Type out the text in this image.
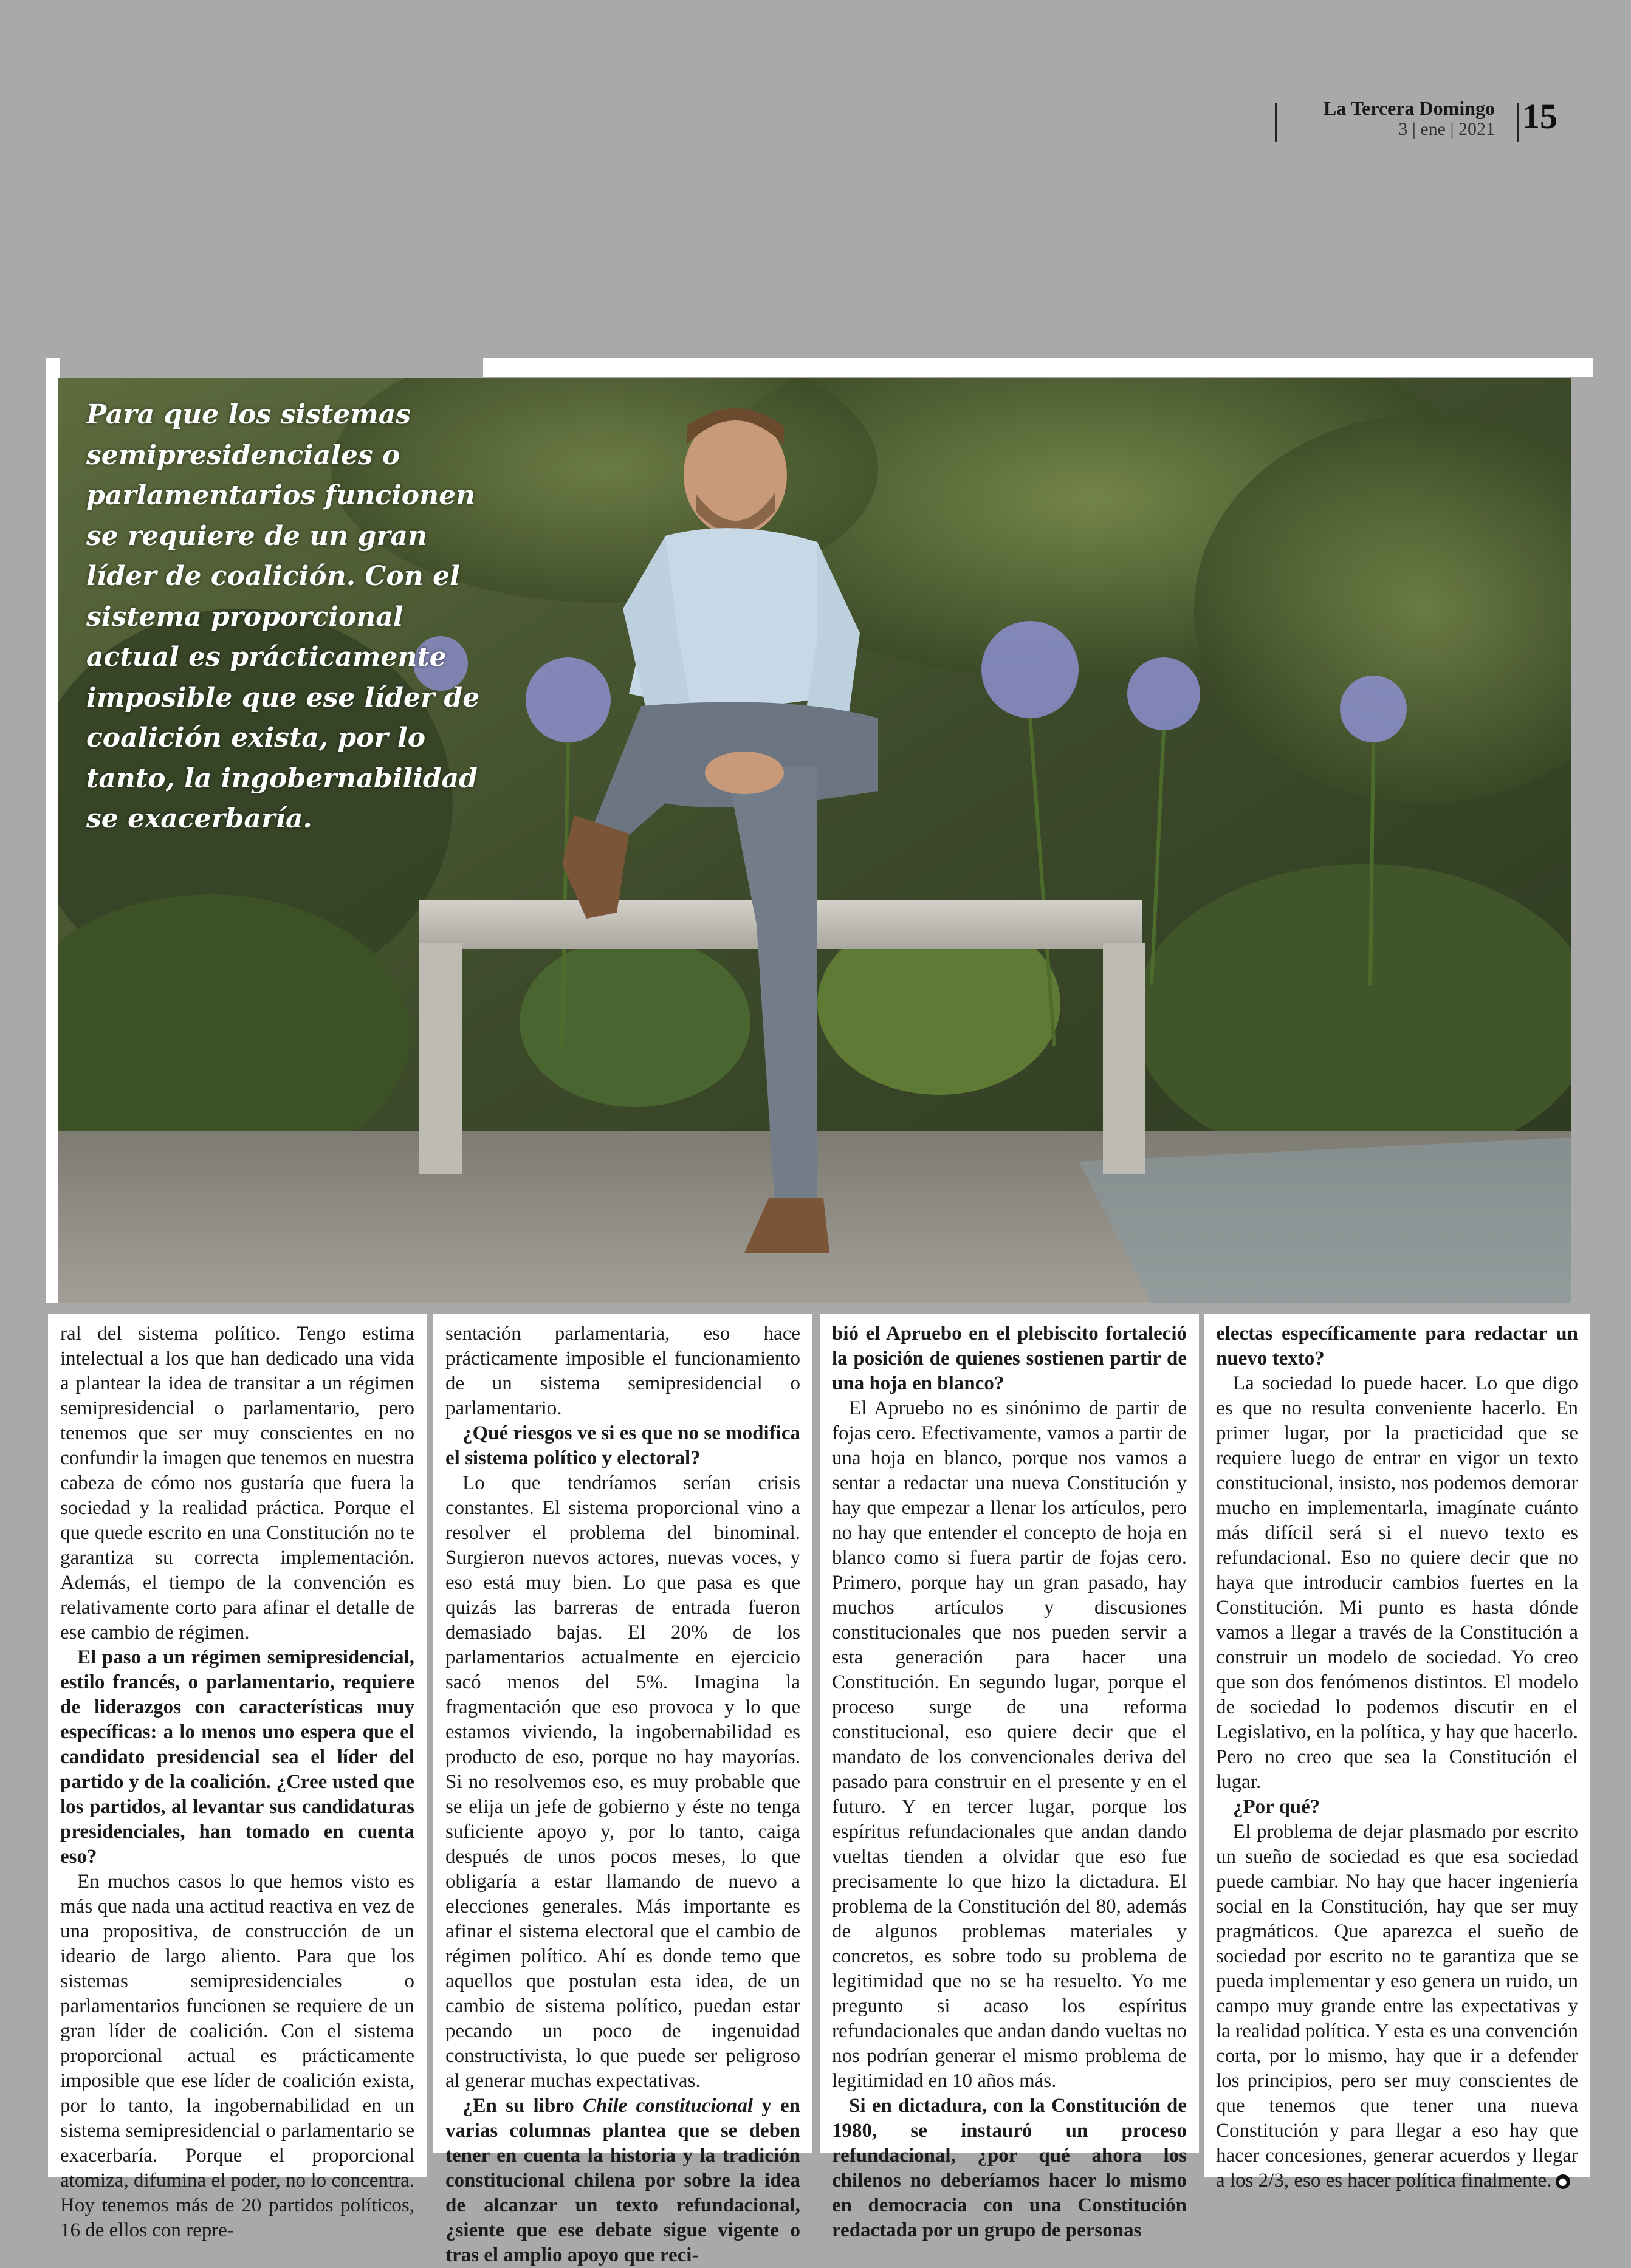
La Tercera Domingo
3 | ene | 2021 15
Para que los sistemas semipresidenciales o parlamentarios funcionen se requiere de un gran líder de coalición. Con el sistema proporcional actual es prácticamente imposible que ese líder de coalición exista, por lo tanto, la ingobernabilidad se exacerbaría.

ral del sistema político. Tengo estima intelectual a los que han dedicado una vida a plantear la idea de transitar a un régimen semipresidencial o parlamentario, pero tenemos que ser muy conscientes en no confundir la imagen que tenemos en nuestra cabeza de cómo nos gustaría que fuera la sociedad y la realidad práctica. Porque el que quede escrito en una Constitución no te garantiza su correcta implementación. Además, el tiempo de la convención es relativamente corto para afinar el detalle de ese cambio de régimen.

El paso a un régimen semipresidencial, estilo francés, o parlamentario, requiere de liderazgos con características muy específicas: a lo menos uno espera que el candidato presidencial sea el líder del partido y de la coalición. ¿Cree usted que los partidos, al levantar sus candidaturas presidenciales, han tomado en cuenta eso?

En muchos casos lo que hemos visto es más que nada una actitud reactiva en vez de una propositiva, de construcción de un ideario de largo aliento. Para que los sistemas semipresidenciales o parlamentarios funcionen se requiere de un gran líder de coalición. Con el sistema proporcional actual es prácticamente imposible que ese líder de coalición exista, por lo tanto, la ingobernabilidad en un sistema semipresidencial o parlamentario se exacerbaría. Porque el proporcional atomiza, difumina el poder, no lo concentra. Hoy tenemos más de 20 partidos políticos, 16 de ellos con repre-

sentación parlamentaria, eso hace prácticamente imposible el funcionamiento de un sistema semipresidencial o parlamentario.

¿Qué riesgos ve si es que no se modifica el sistema político y electoral?

Lo que tendríamos serían crisis constantes. El sistema proporcional vino a resolver el problema del binominal. Surgieron nuevos actores, nuevas voces, y eso está muy bien. Lo que pasa es que quizás las barreras de entrada fueron demasiado bajas. El 20% de los parlamentarios actualmente en ejercicio sacó menos del 5%. Imagina la fragmentación que eso provoca y lo que estamos viviendo, la ingobernabilidad es producto de eso, porque no hay mayorías. Si no resolvemos eso, es muy probable que se elija un jefe de gobierno y éste no tenga suficiente apoyo y, por lo tanto, caiga después de unos pocos meses, lo que obligaría a estar llamando de nuevo a elecciones generales. Más importante es afinar el sistema electoral que el cambio de régimen político. Ahí es donde temo que aquellos que postulan esta idea, de un cambio de sistema político, puedan estar pecando un poco de ingenuidad constructivista, lo que puede ser peligroso al generar muchas expectativas.

¿En su libro Chile constitucional y en varias columnas plantea que se deben tener en cuenta la historia y la tradición constitucional chilena por sobre la idea de alcanzar un texto refundacional, ¿siente que ese debate sigue vigente o tras el amplio apoyo que reci-

bió el Apruebo en el plebiscito fortaleció la posición de quienes sostienen partir de una hoja en blanco?

El Apruebo no es sinónimo de partir de fojas cero. Efectivamente, vamos a partir de una hoja en blanco, porque nos vamos a sentar a redactar una nueva Constitución y hay que empezar a llenar los artículos, pero no hay que entender el concepto de hoja en blanco como si fuera partir de fojas cero. Primero, porque hay un gran pasado, hay muchos artículos y discusiones constitucionales que nos pueden servir a esta generación para hacer una Constitución. En segundo lugar, porque el proceso surge de una reforma constitucional, eso quiere decir que el mandato de los convencionales deriva del pasado para construir en el presente y en el futuro. Y en tercer lugar, porque los espíritus refundacionales que andan dando vueltas tienden a olvidar que eso fue precisamente lo que hizo la dictadura. El problema de la Constitución del 80, además de algunos problemas materiales y concretos, es sobre todo su problema de legitimidad que no se ha resuelto. Yo me pregunto si acaso los espíritus refundacionales que andan dando vueltas no nos podrían generar el mismo problema de legitimidad en 10 años más.

Si en dictadura, con la Constitución de 1980, se instauró un proceso refundacional, ¿por qué ahora los chilenos no deberíamos hacer lo mismo en democracia con una Constitución redactada por un grupo de personas

electas específicamente para redactar un nuevo texto?

La sociedad lo puede hacer. Lo que digo es que no resulta conveniente hacerlo. En primer lugar, por la practicidad que se requiere luego de entrar en vigor un texto constitucional, insisto, nos podemos demorar mucho en implementarla, imagínate cuánto más difícil será si el nuevo texto es refundacional. Eso no quiere decir que no haya que introducir cambios fuertes en la Constitución. Mi punto es hasta dónde vamos a llegar a través de la Constitución a construir un modelo de sociedad. Yo creo que son dos fenómenos distintos. El modelo de sociedad lo podemos discutir en el Legislativo, en la política, y hay que hacerlo. Pero no creo que sea la Constitución el lugar.

¿Por qué?

El problema de dejar plasmado por escrito un sueño de sociedad es que esa sociedad puede cambiar. No hay que hacer ingeniería social en la Constitución, hay que ser muy pragmáticos. Que aparezca el sueño de sociedad por escrito no te garantiza que se pueda implementar y eso genera un ruido, un campo muy grande entre las expectativas y la realidad política. Y esta es una convención corta, por lo mismo, hay que ir a defender los principios, pero ser muy conscientes de que tenemos que tener una nueva Constitución y para llegar a eso hay que hacer concesiones, generar acuerdos y llegar a los 2/3, eso es hacer política finalmente. ●
